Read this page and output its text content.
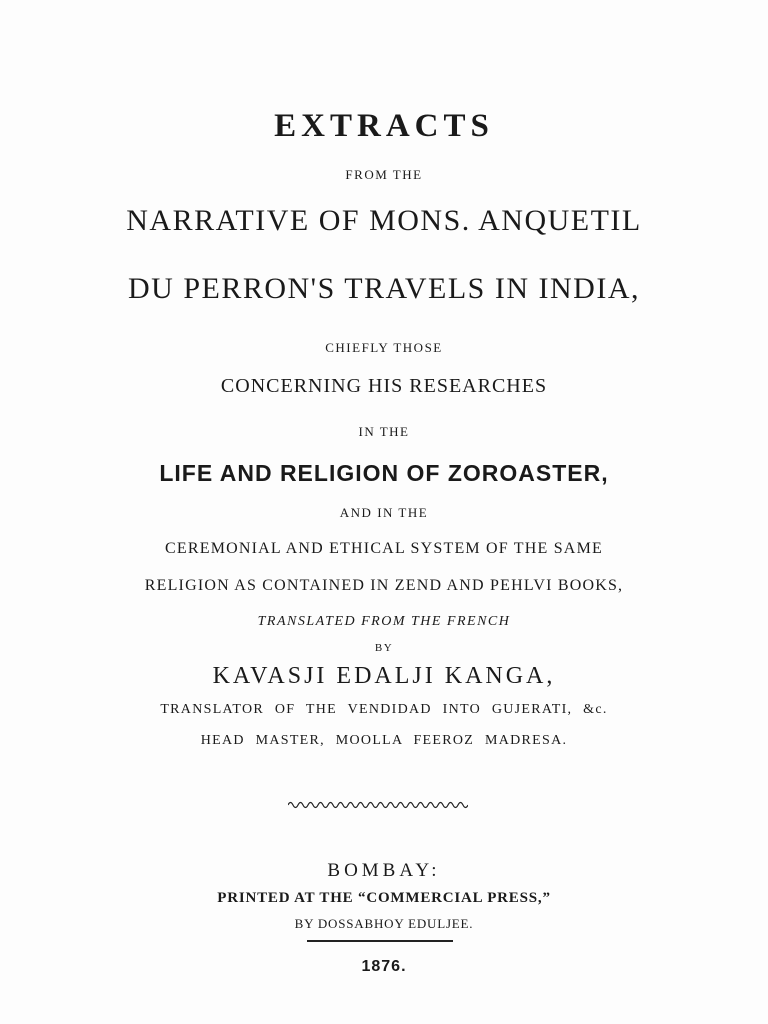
EXTRACTS
FROM THE
NARRATIVE OF MONS. ANQUETIL
DU PERRON'S TRAVELS IN INDIA,
CHIEFLY THOSE
CONCERNING HIS RESEARCHES
IN THE
LIFE AND RELIGION OF ZOROASTER,
AND IN THE
CEREMONIAL AND ETHICAL SYSTEM OF THE SAME
RELIGION AS CONTAINED IN ZEND AND PEHLVI BOOKS,
TRANSLATED FROM THE FRENCH
BY
KAVASJI EDALJI KANGA,
TRANSLATOR OF THE VENDIDAD INTO GUJERATI, &c.
HEAD MASTER, MOOLLA FEEROZ MADRESA.
BOMBAY:
PRINTED AT THE “COMMERCIAL PRESS,”
BY DOSSABHOY EDULJEE.
1876.
